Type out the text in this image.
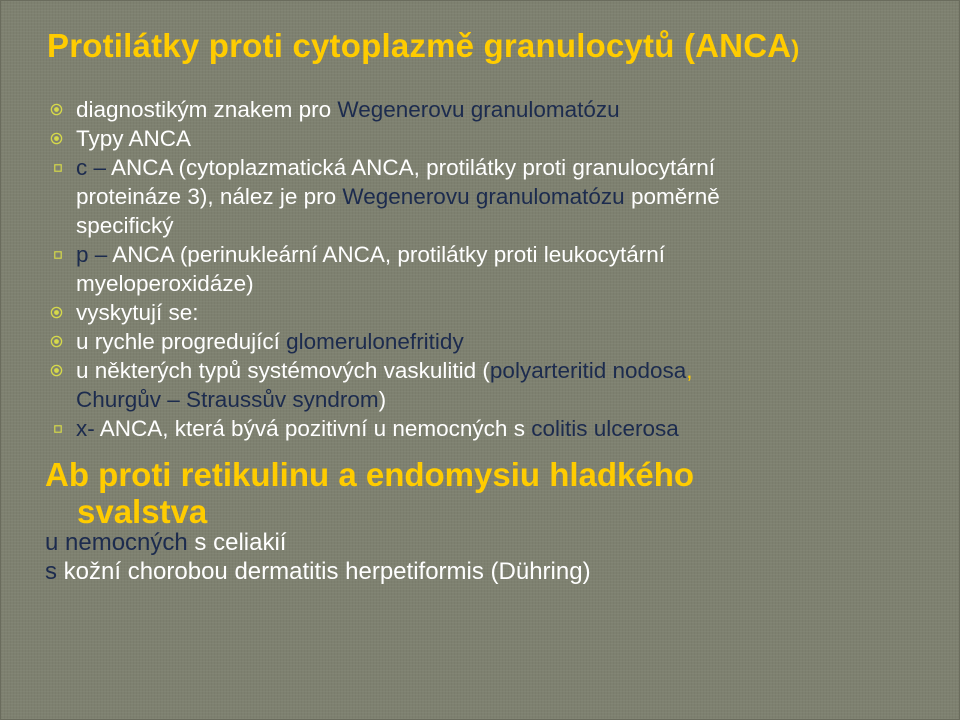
Protilátky proti cytoplazmě granulocytů (ANCA)
diagnostikým znakem pro Wegenerovu granulomatózu
Typy ANCA
c – ANCA (cytoplazmatická ANCA, protilátky proti granulocytární
proteináze 3), nález je pro Wegenerovu granulomatózu poměrně
specifický
p – ANCA (perinukleární ANCA, protilátky proti leukocytární
myeloperoxidáze)
vyskytují se:
u rychle progredující glomerulonefritidy
u některých typů systémových vaskulitid (polyarteritid nodosa,
Churgův – Straussův syndrom)
x- ANCA, která bývá pozitivní u nemocných s colitis ulcerosa
Ab proti retikulinu a endomysiu hladkého
svalstva
u nemocných s celiakií
s kožní chorobou dermatitis herpetiformis (Dühring)
